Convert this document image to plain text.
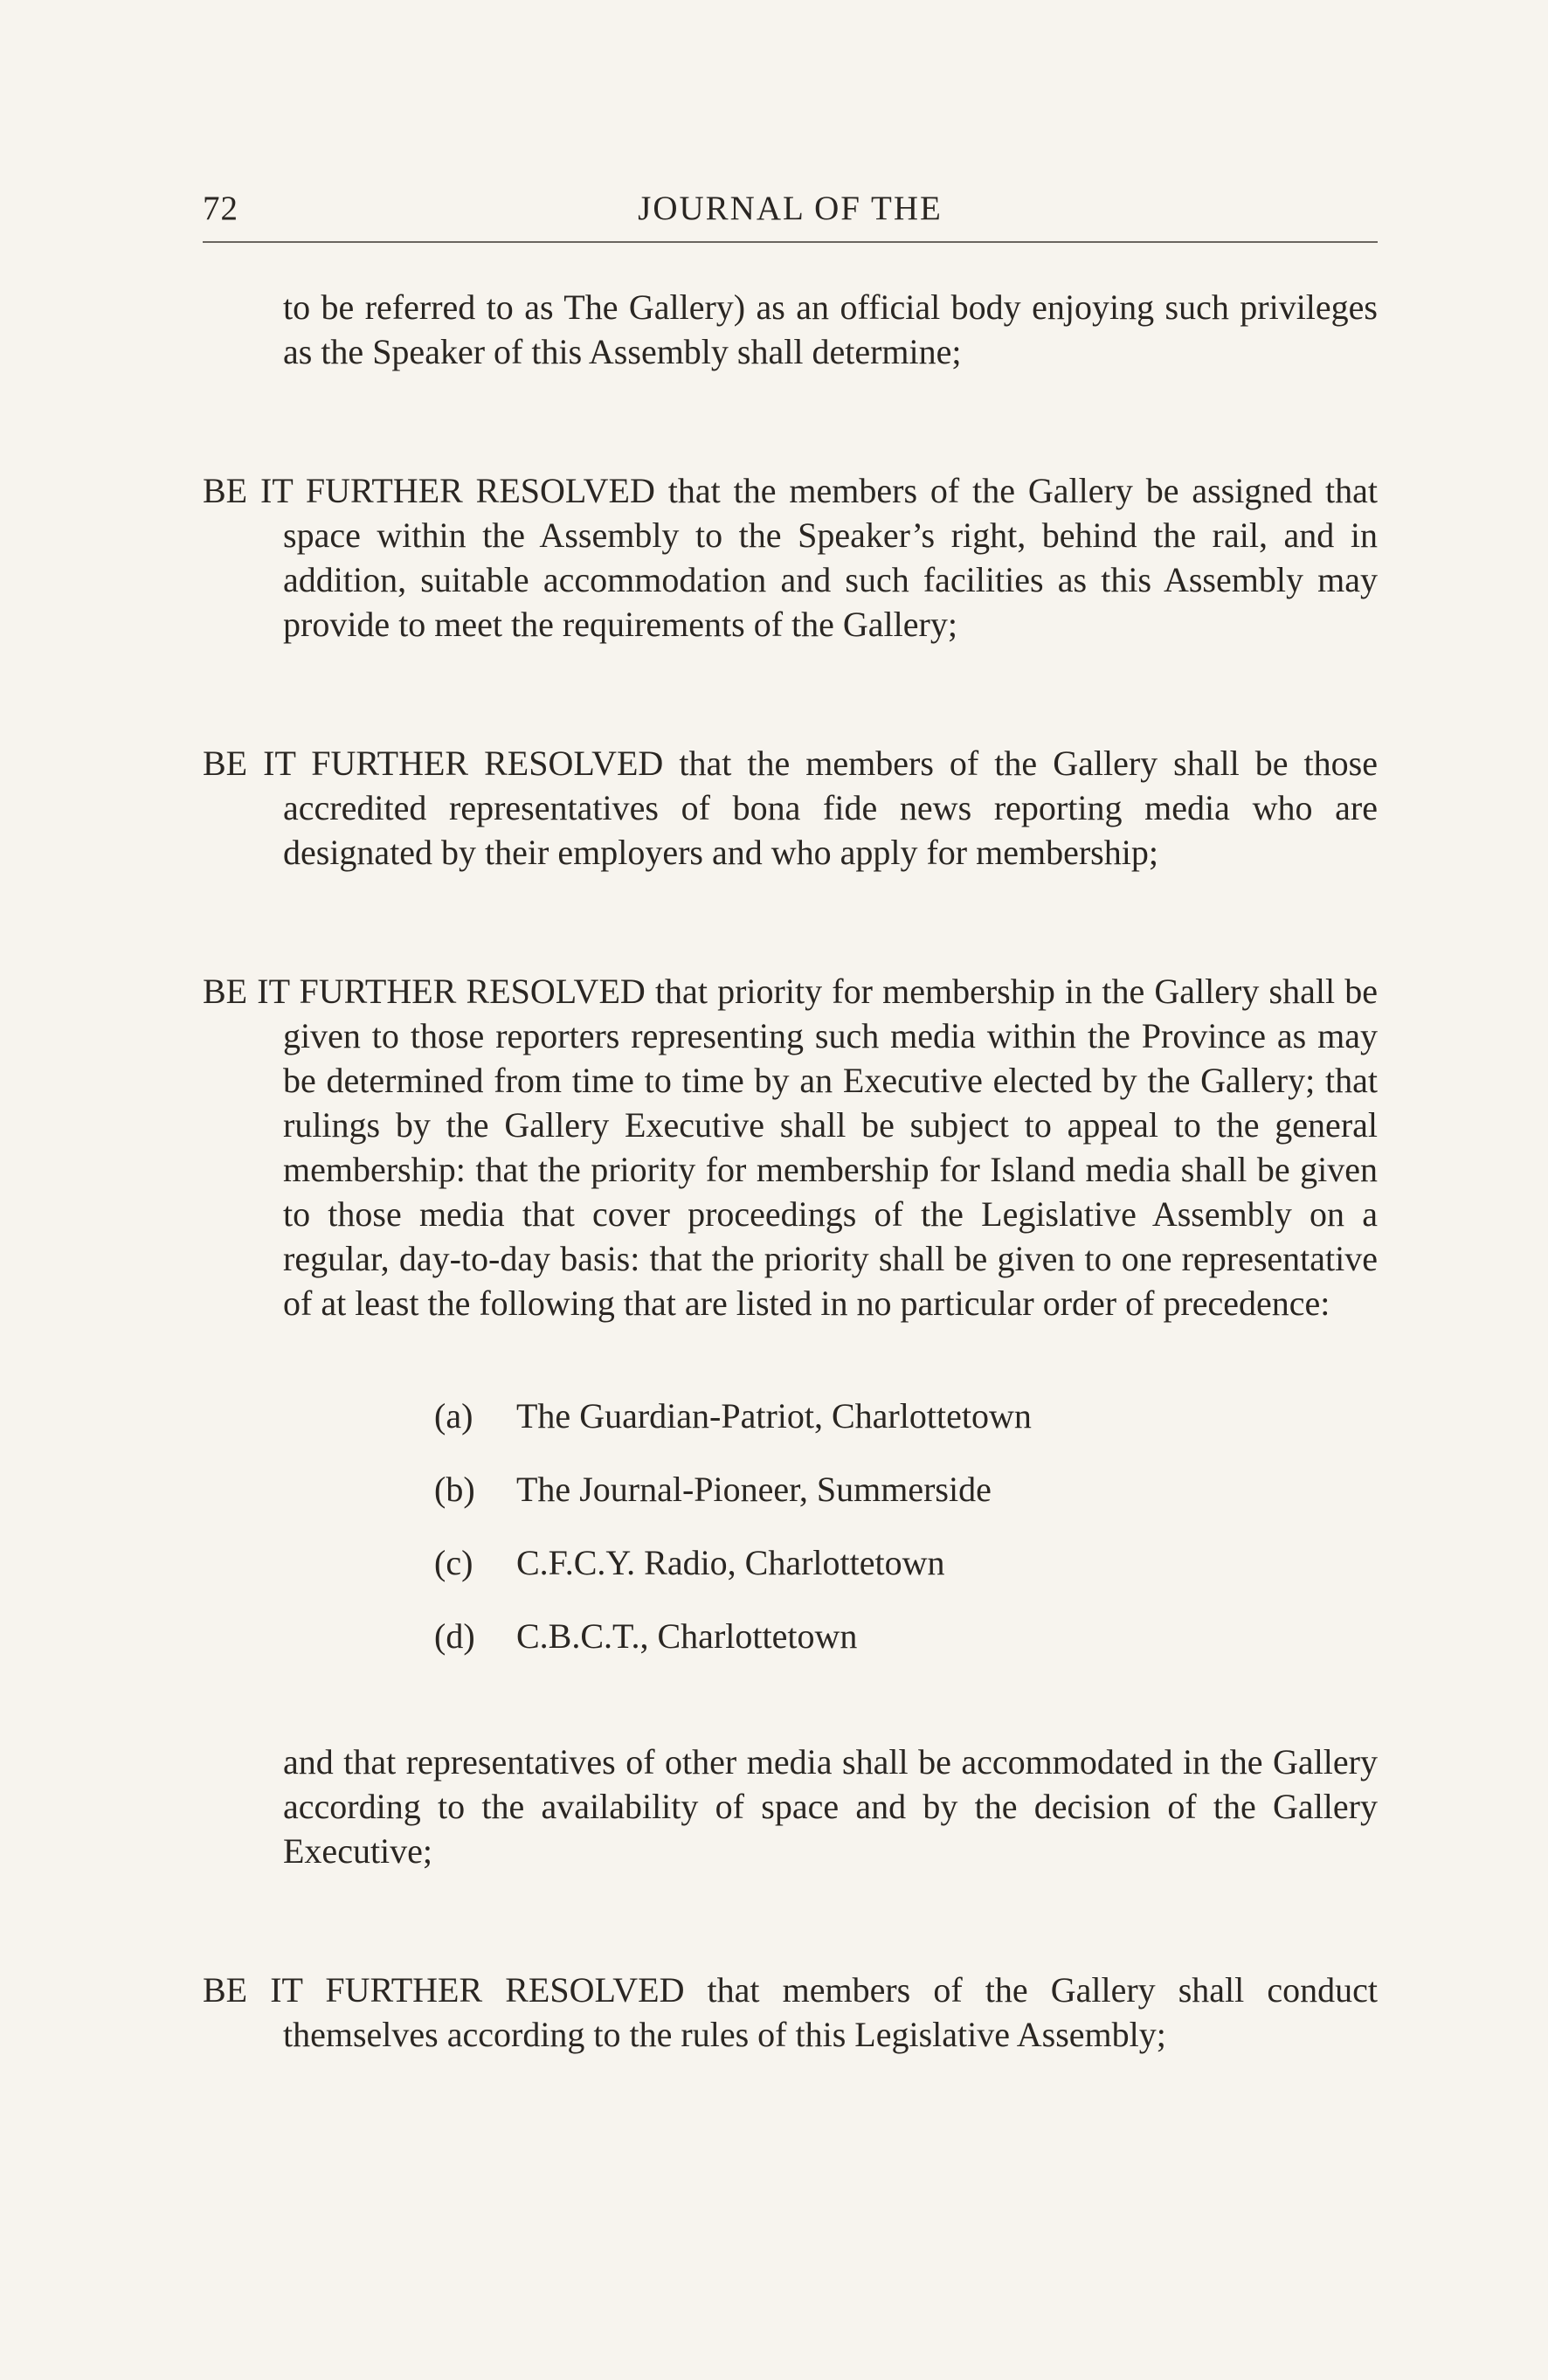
72	JOURNAL OF THE

to be referred to as The Gallery) as an official body enjoying such privileges as the Speaker of this Assembly shall determine;

BE IT FURTHER RESOLVED that the members of the Gallery be assigned that space within the Assembly to the Speaker’s right, behind the rail, and in addition, suitable accommodation and such facilities as this Assembly may provide to meet the requirements of the Gallery;

BE IT FURTHER RESOLVED that the members of the Gallery shall be those accredited representatives of bona fide news reporting media who are designated by their employers and who apply for membership;

BE IT FURTHER RESOLVED that priority for membership in the Gallery shall be given to those reporters representing such media within the Province as may be determined from time to time by an Executive elected by the Gallery; that rulings by the Gallery Executive shall be subject to appeal to the general membership: that the priority for membership for Island media shall be given to those media that cover proceedings of the Legislative Assembly on a regular, day-to-day basis: that the priority shall be given to one representative of at least the following that are listed in no particular order of precedence:

(a)	The Guardian-Patriot, Charlottetown
(b)	The Journal-Pioneer, Summerside
(c)	C.F.C.Y. Radio, Charlottetown
(d)	C.B.C.T., Charlottetown

and that representatives of other media shall be accommodated in the Gallery according to the availability of space and by the decision of the Gallery Executive;

BE IT FURTHER RESOLVED that members of the Gallery shall conduct themselves according to the rules of this Legislative Assembly;
